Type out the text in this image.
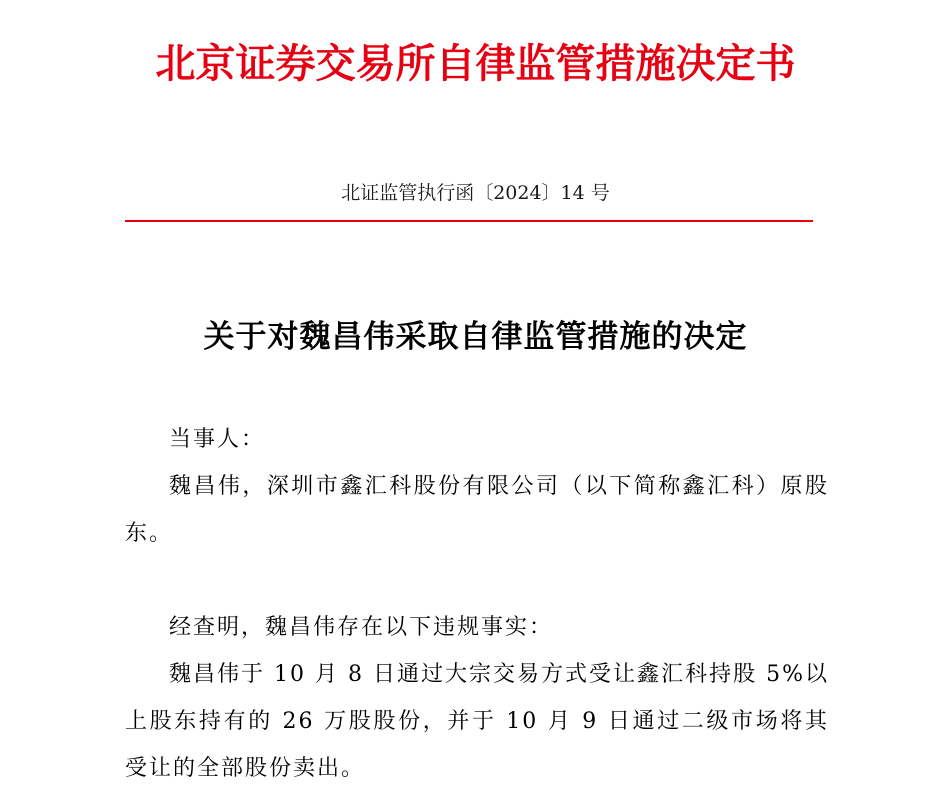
北京证券交易所自律监管措施决定书
北证监管执行函〔2024〕14 号
关于对魏昌伟采取自律监管措施的决定

当事人：

魏昌伟，深圳市鑫汇科股份有限公司（以下简称鑫汇科）原股东。

经查明，魏昌伟存在以下违规事实：

魏昌伟于 10 月 8 日通过大宗交易方式受让鑫汇科持股 5%以上股东持有的 26 万股股份，并于 10 月 9 日通过二级市场将其受让的全部股份卖出。
